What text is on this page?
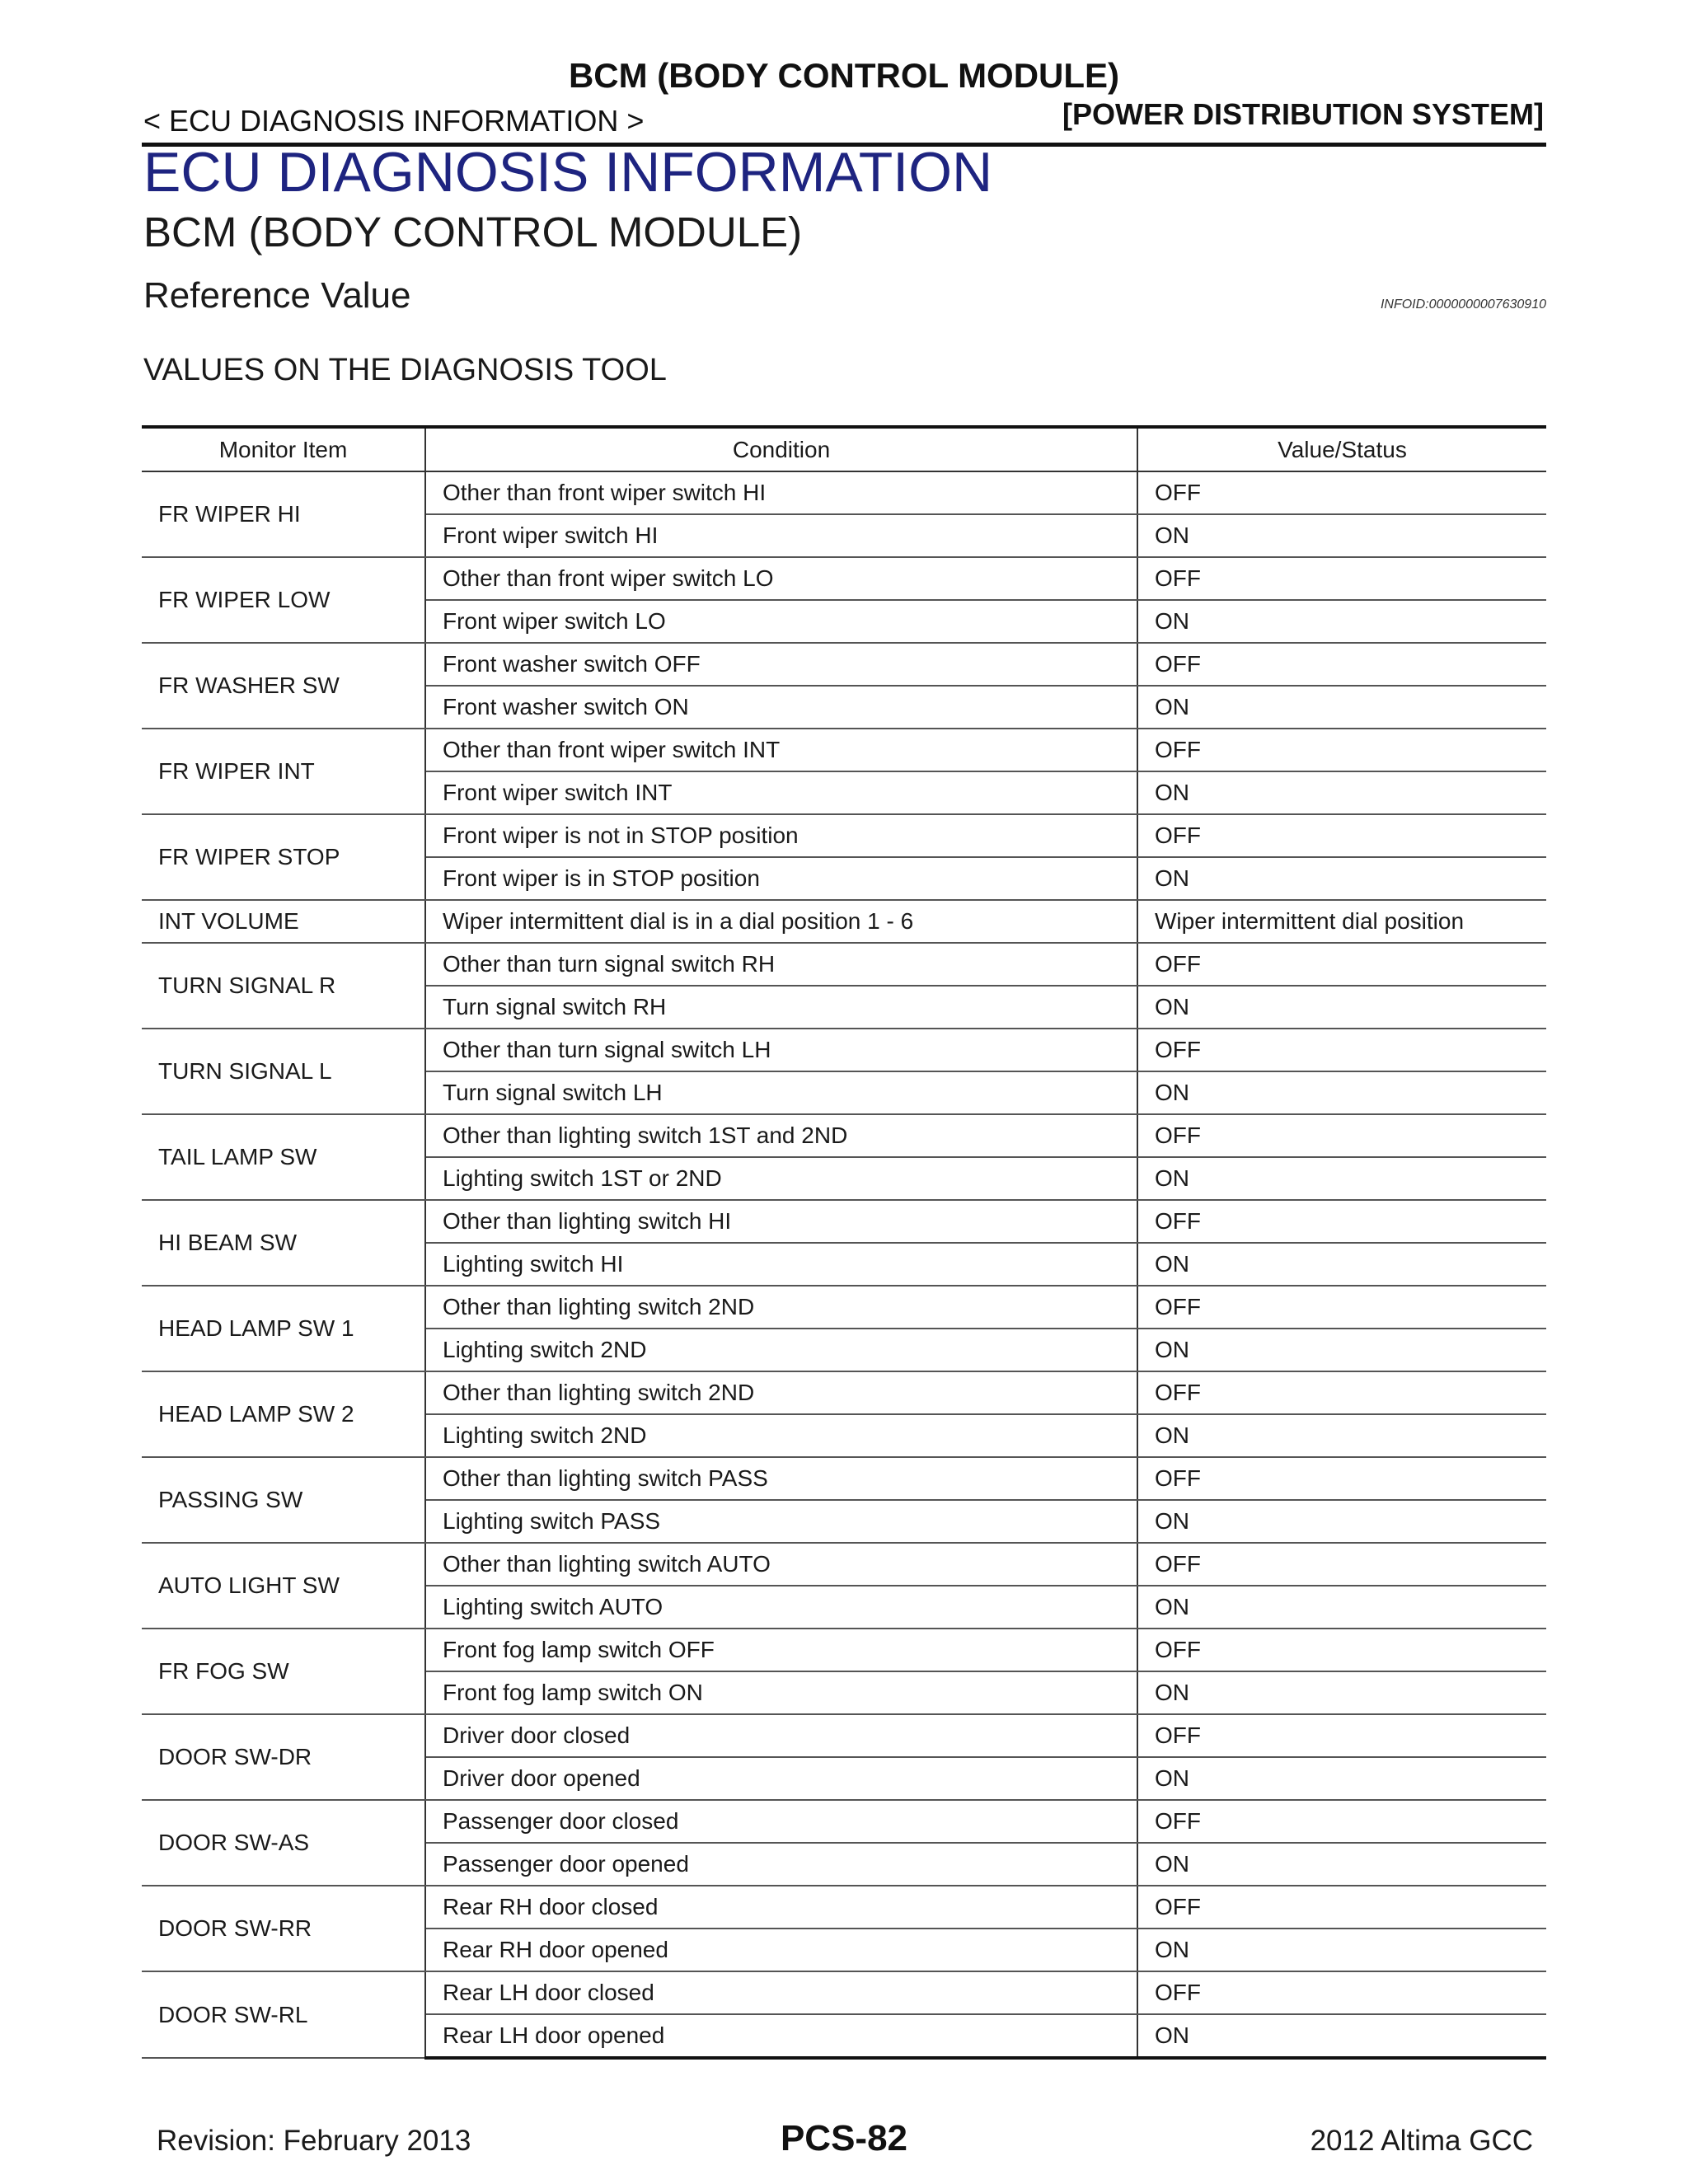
BCM (BODY CONTROL MODULE)
< ECU DIAGNOSIS INFORMATION >	[POWER DISTRIBUTION SYSTEM]
ECU DIAGNOSIS INFORMATION
BCM (BODY CONTROL MODULE)
Reference Value	INFOID:0000000007630910
VALUES ON THE DIAGNOSIS TOOL
Monitor Item	Condition	Value/Status
FR WIPER HI	Other than front wiper switch HI	OFF
	Front wiper switch HI	ON
FR WIPER LOW	Other than front wiper switch LO	OFF
	Front wiper switch LO	ON
FR WASHER SW	Front washer switch OFF	OFF
	Front washer switch ON	ON
FR WIPER INT	Other than front wiper switch INT	OFF
	Front wiper switch INT	ON
FR WIPER STOP	Front wiper is not in STOP position	OFF
	Front wiper is in STOP position	ON
INT VOLUME	Wiper intermittent dial is in a dial position 1 - 6	Wiper intermittent dial position
TURN SIGNAL R	Other than turn signal switch RH	OFF
	Turn signal switch RH	ON
TURN SIGNAL L	Other than turn signal switch LH	OFF
	Turn signal switch LH	ON
TAIL LAMP SW	Other than lighting switch 1ST and 2ND	OFF
	Lighting switch 1ST or 2ND	ON
HI BEAM SW	Other than lighting switch HI	OFF
	Lighting switch HI	ON
HEAD LAMP SW 1	Other than lighting switch 2ND	OFF
	Lighting switch 2ND	ON
HEAD LAMP SW 2	Other than lighting switch 2ND	OFF
	Lighting switch 2ND	ON
PASSING SW	Other than lighting switch PASS	OFF
	Lighting switch PASS	ON
AUTO LIGHT SW	Other than lighting switch AUTO	OFF
	Lighting switch AUTO	ON
FR FOG SW	Front fog lamp switch OFF	OFF
	Front fog lamp switch ON	ON
DOOR SW-DR	Driver door closed	OFF
	Driver door opened	ON
DOOR SW-AS	Passenger door closed	OFF
	Passenger door opened	ON
DOOR SW-RR	Rear RH door closed	OFF
	Rear RH door opened	ON
DOOR SW-RL	Rear LH door closed	OFF
	Rear LH door opened	ON
Revision: February 2013	PCS-82	2012 Altima GCC
